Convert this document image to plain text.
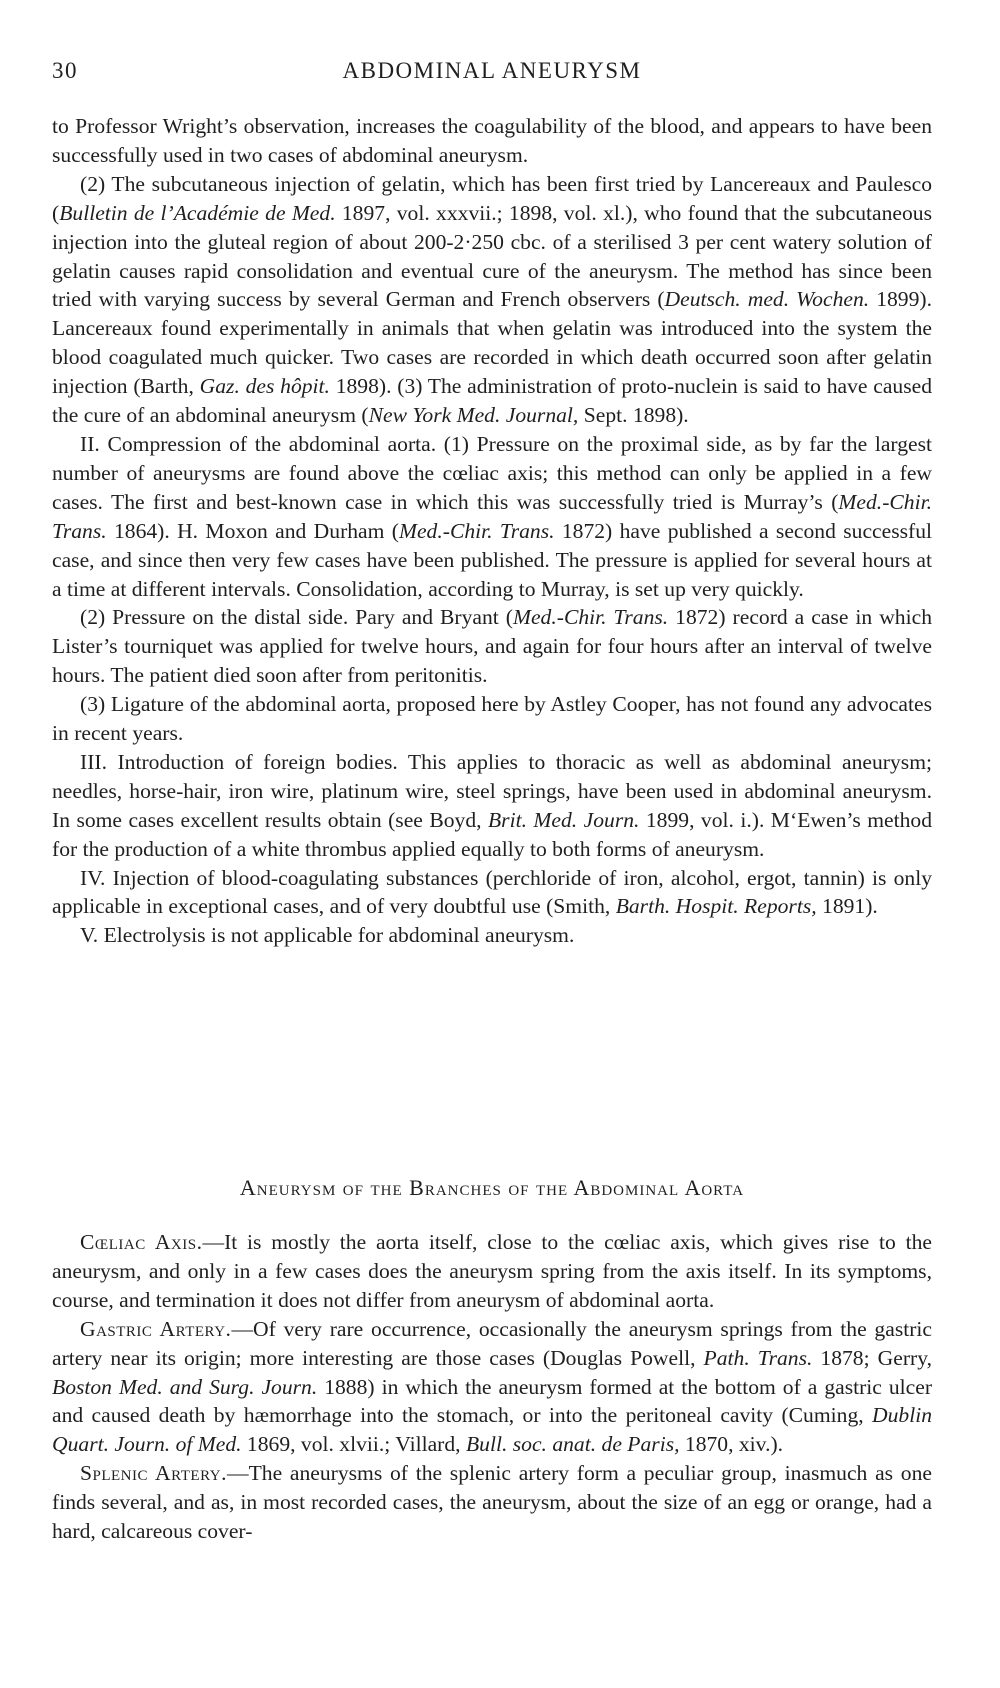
30	ABDOMINAL ANEURYSM

to Professor Wright’s observation, increases the coagulability of the blood, and appears to have been successfully used in two cases of abdominal aneurysm.

(2) The subcutaneous injection of gelatin, which has been first tried by Lancereaux and Paulesco (Bulletin de l’Académie de Med. 1897, vol. xxxvii.; 1898, vol. xl.), who found that the subcutaneous injection into the gluteal region of about 200-2·250 cbc. of a sterilised 3 per cent watery solution of gelatin causes rapid consolidation and eventual cure of the aneurysm. The method has since been tried with varying success by several German and French observers (Deutsch. med. Wochen. 1899). Lancereaux found experimentally in animals that when gelatin was introduced into the system the blood coagulated much quicker. Two cases are recorded in which death occurred soon after gelatin injection (Barth, Gaz. des hôpit. 1898). (3) The administration of proto-nuclein is said to have caused the cure of an abdominal aneurysm (New York Med. Journal, Sept. 1898).

II. Compression of the abdominal aorta. (1) Pressure on the proximal side, as by far the largest number of aneurysms are found above the cœliac axis; this method can only be applied in a few cases. The first and best-known case in which this was successfully tried is Murray’s (Med.-Chir. Trans. 1864). H. Moxon and Durham (Med.-Chir. Trans. 1872) have published a second successful case, and since then very few cases have been published. The pressure is applied for several hours at a time at different intervals. Consolidation, according to Murray, is set up very quickly.

(2) Pressure on the distal side. Pary and Bryant (Med.-Chir. Trans. 1872) record a case in which Lister’s tourniquet was applied for twelve hours, and again for four hours after an interval of twelve hours. The patient died soon after from peritonitis.

(3) Ligature of the abdominal aorta, proposed here by Astley Cooper, has not found any advocates in recent years.

III. Introduction of foreign bodies. This applies to thoracic as well as abdominal aneurysm; needles, horse-hair, iron wire, platinum wire, steel springs, have been used in abdominal aneurysm. In some cases excellent results obtain (see Boyd, Brit. Med. Journ. 1899, vol. i.). M‘Ewen’s method for the production of a white thrombus applied equally to both forms of aneurysm.

IV. Injection of blood-coagulating substances (perchloride of iron, alcohol, ergot, tannin) is only applicable in exceptional cases, and of very doubtful use (Smith, Barth. Hospit. Reports, 1891).

V. Electrolysis is not applicable for abdominal aneurysm.

Aneurysm of the Branches of the Abdominal Aorta

Cœliac Axis.—It is mostly the aorta itself, close to the cœliac axis, which gives rise to the aneurysm, and only in a few cases does the aneurysm spring from the axis itself. In its symptoms, course, and termination it does not differ from aneurysm of abdominal aorta.

Gastric Artery.—Of very rare occurrence, occasionally the aneurysm springs from the gastric artery near its origin; more interesting are those cases (Douglas Powell, Path. Trans. 1878; Gerry, Boston Med. and Surg. Journ. 1888) in which the aneurysm formed at the bottom of a gastric ulcer and caused death by hæmorrhage into the stomach, or into the peritoneal cavity (Cuming, Dublin Quart. Journ. of Med. 1869, vol. xlvii.; Villard, Bull. soc. anat. de Paris, 1870, xiv.).

Splenic Artery.—The aneurysms of the splenic artery form a peculiar group, inasmuch as one finds several, and as, in most recorded cases, the aneurysm, about the size of an egg or orange, had a hard, calcareous cover-
